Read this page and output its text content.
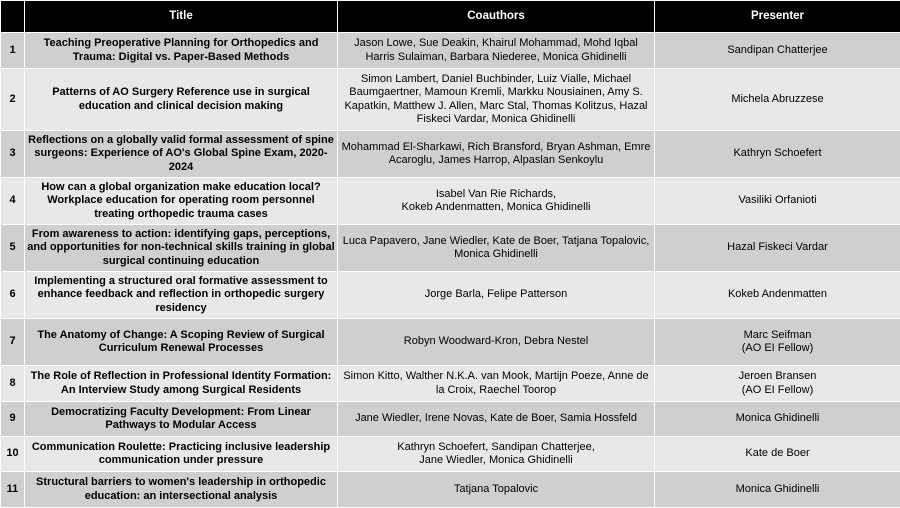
	Title	Coauthors	Presenter
1	Teaching Preoperative Planning for Orthopedics and Trauma: Digital vs. Paper-Based Methods	Jason Lowe, Sue Deakin, Khairul Mohammad, Mohd Iqbal Harris Sulaiman, Barbara Niederee, Monica Ghidinelli	Sandipan Chatterjee
2	Patterns of AO Surgery Reference use in surgical education and clinical decision making	Simon Lambert, Daniel Buchbinder, Luiz Vialle, Michael Baumgaertner, Mamoun Kremli, Markku Nousiainen, Amy S. Kapatkin, Matthew J. Allen, Marc Stal, Thomas Kolitzus, Hazal Fiskeci Vardar, Monica Ghidinelli	Michela Abruzzese
3	Reflections on a globally valid formal assessment of spine surgeons: Experience of AO's Global Spine Exam, 2020-2024	Mohammad El-Sharkawi, Rich Bransford, Bryan Ashman, Emre Acaroglu, James Harrop, Alpaslan Senkoylu	Kathryn Schoefert
4	How can a global organization make education local? Workplace education for operating room personnel treating orthopedic trauma cases	Isabel Van Rie Richards,
Kokeb Andenmatten, Monica Ghidinelli	Vasiliki Orfanioti
5	From awareness to action: identifying gaps, perceptions, and opportunities for non-technical skills training in global surgical continuing education	Luca Papavero, Jane Wiedler, Kate de Boer, Tatjana Topalovic, Monica Ghidinelli	Hazal Fiskeci Vardar
6	Implementing a structured oral formative assessment to enhance feedback and reflection in orthopedic surgery residency	Jorge Barla, Felipe Patterson	Kokeb Andenmatten
7	The Anatomy of Change: A Scoping Review of Surgical Curriculum Renewal Processes	Robyn Woodward-Kron, Debra Nestel	Marc Seifman
(AO EI Fellow)
8	The Role of Reflection in Professional Identity Formation: An Interview Study among Surgical Residents	Simon Kitto, Walther N.K.A. van Mook, Martijn Poeze, Anne de la Croix, Raechel Toorop	Jeroen Bransen
(AO EI Fellow)
9	Democratizing Faculty Development: From Linear Pathways to Modular Access	Jane Wiedler, Irene Novas, Kate de Boer, Samia Hossfeld	Monica Ghidinelli
10	Communication Roulette: Practicing inclusive leadership communication under pressure	Kathryn Schoefert, Sandipan Chatterjee,
Jane Wiedler, Monica Ghidinelli	Kate de Boer
11	Structural barriers to women's leadership in orthopedic education: an intersectional analysis	Tatjana Topalovic	Monica Ghidinelli
